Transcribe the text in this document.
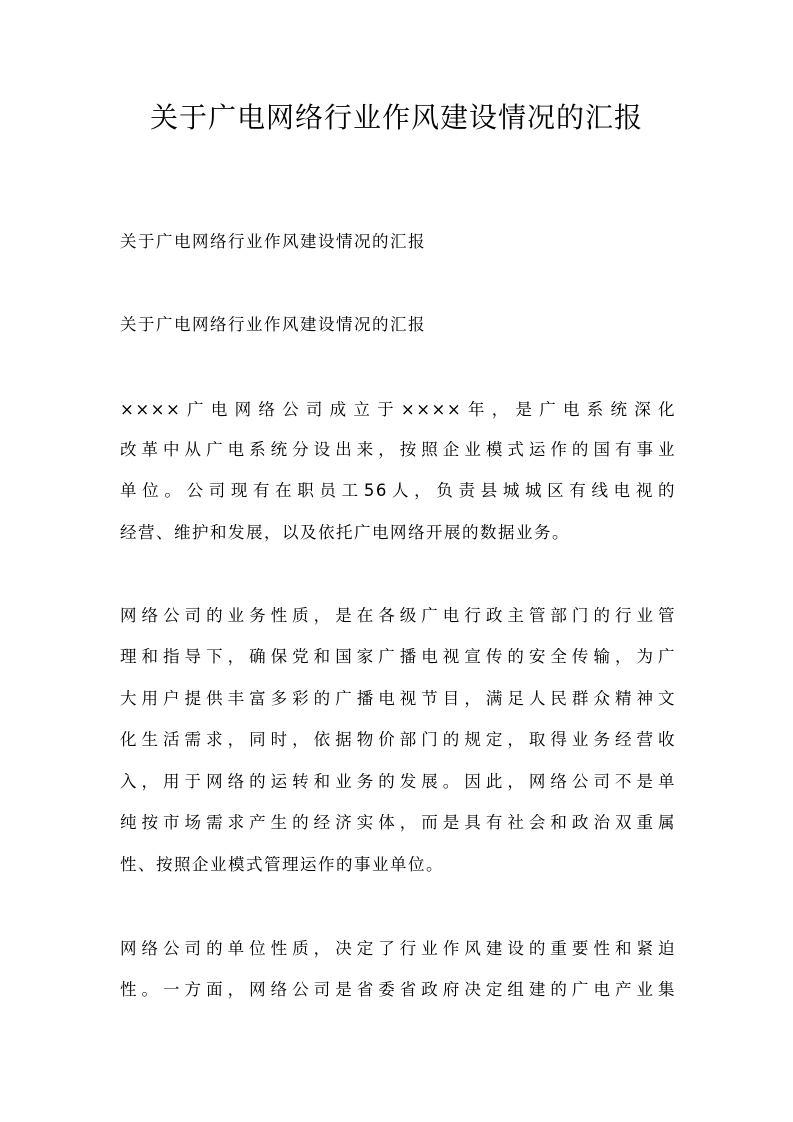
关于广电网络行业作风建设情况的汇报
关于广电网络行业作风建设情况的汇报
关于广电网络行业作风建设情况的汇报
××××广电网络公司成立于××××年，是广电系统深化
改革中从广电系统分设出来，按照企业模式运作的国有事业
单位。公司现有在职员工56人，负责县城城区有线电视的
经营、维护和发展，以及依托广电网络开展的数据业务。
网络公司的业务性质，是在各级广电行政主管部门的行业管
理和指导下，确保党和国家广播电视宣传的安全传输，为广
大用户提供丰富多彩的广播电视节目，满足人民群众精神文
化生活需求，同时，依据物价部门的规定，取得业务经营收
入，用于网络的运转和业务的发展。因此，网络公司不是单
纯按市场需求产生的经济实体，而是具有社会和政治双重属
性、按照企业模式管理运作的事业单位。
网络公司的单位性质，决定了行业作风建设的重要性和紧迫
性。一方面，网络公司是省委省政府决定组建的广电产业集
